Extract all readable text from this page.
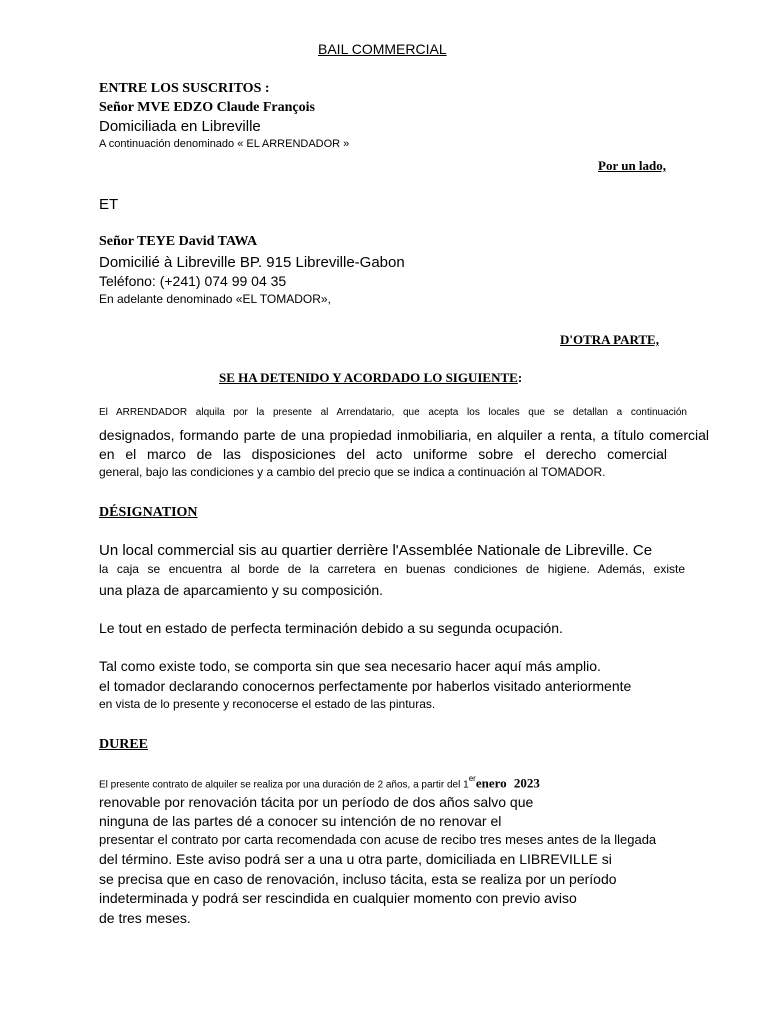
BAIL COMMERCIAL
ENTRE LOS SUSCRITOS :
Señor MVE EDZO Claude François
Domiciliada en Libreville
A continuación denominado « EL ARRENDADOR »
Por un lado,
ET
Señor TEYE David TAWA
Domicilié à Libreville BP. 915 Libreville-Gabon
Teléfono: (+241) 074 99 04 35
En adelante denominado «EL TOMADOR»,
D'OTRA PARTE,
SE HA DETENIDO Y ACORDADO LO SIGUIENTE:
El ARRENDADOR alquila por la presente al Arrendatario, que acepta los locales que se detallan a continuación
designados, formando parte de una propiedad inmobiliaria, en alquiler a renta, a título comercial
en el marco de las disposiciones del acto uniforme sobre el derecho comercial
general, bajo las condiciones y a cambio del precio que se indica a continuación al TOMADOR.
DÉSIGNATION
Un local commercial sis au quartier derrière l'Assemblée Nationale de Libreville. Ce
la caja se encuentra al borde de la carretera en buenas condiciones de higiene. Además, existe
una plaza de aparcamiento y su composición.
Le tout en estado de perfecta terminación debido a su segunda ocupación.
Tal como existe todo, se comporta sin que sea necesario hacer aquí más amplio.
el tomador declarando conocernos perfectamente por haberlos visitado anteriormente
en vista de lo presente y reconocerse el estado de las pinturas.
DUREE
El presente contrato de alquiler se realiza por una duración de 2 años, a partir del 1erenero 2023
renovable por renovación tácita por un período de dos años salvo que
ninguna de las partes dé a conocer su intención de no renovar el
presentar el contrato por carta recomendada con acuse de recibo tres meses antes de la llegada
del término. Este aviso podrá ser a una u otra parte, domiciliada en LIBREVILLE si
se precisa que en caso de renovación, incluso tácita, esta se realiza por un período
indeterminada y podrá ser rescindida en cualquier momento con previo aviso
de tres meses.
